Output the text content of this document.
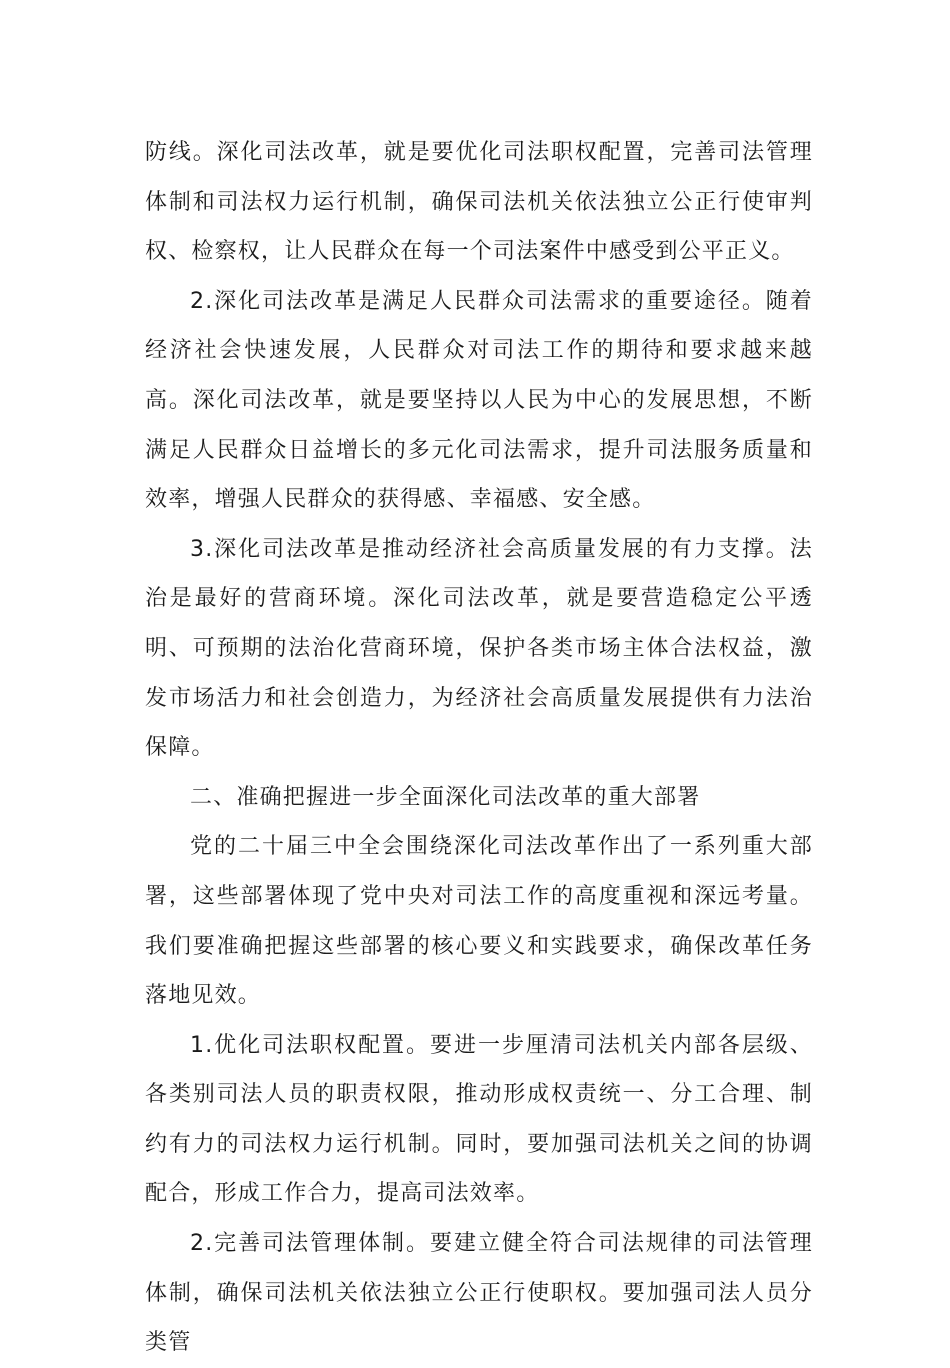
防线。深化司法改革，就是要优化司法职权配置，完善司法管理体制和司法权力运行机制，确保司法机关依法独立公正行使审判权、检察权，让人民群众在每一个司法案件中感受到公平正义。

2.深化司法改革是满足人民群众司法需求的重要途径。随着经济社会快速发展，人民群众对司法工作的期待和要求越来越高。深化司法改革，就是要坚持以人民为中心的发展思想，不断满足人民群众日益增长的多元化司法需求，提升司法服务质量和效率，增强人民群众的获得感、幸福感、安全感。

3.深化司法改革是推动经济社会高质量发展的有力支撑。法治是最好的营商环境。深化司法改革，就是要营造稳定公平透明、可预期的法治化营商环境，保护各类市场主体合法权益，激发市场活力和社会创造力，为经济社会高质量发展提供有力法治保障。

二、准确把握进一步全面深化司法改革的重大部署

党的二十届三中全会围绕深化司法改革作出了一系列重大部署，这些部署体现了党中央对司法工作的高度重视和深远考量。我们要准确把握这些部署的核心要义和实践要求，确保改革任务落地见效。

1.优化司法职权配置。要进一步厘清司法机关内部各层级、各类别司法人员的职责权限，推动形成权责统一、分工合理、制约有力的司法权力运行机制。同时，要加强司法机关之间的协调配合，形成工作合力，提高司法效率。

2.完善司法管理体制。要建立健全符合司法规律的司法管理体制，确保司法机关依法独立公正行使职权。要加强司法人员分类管
